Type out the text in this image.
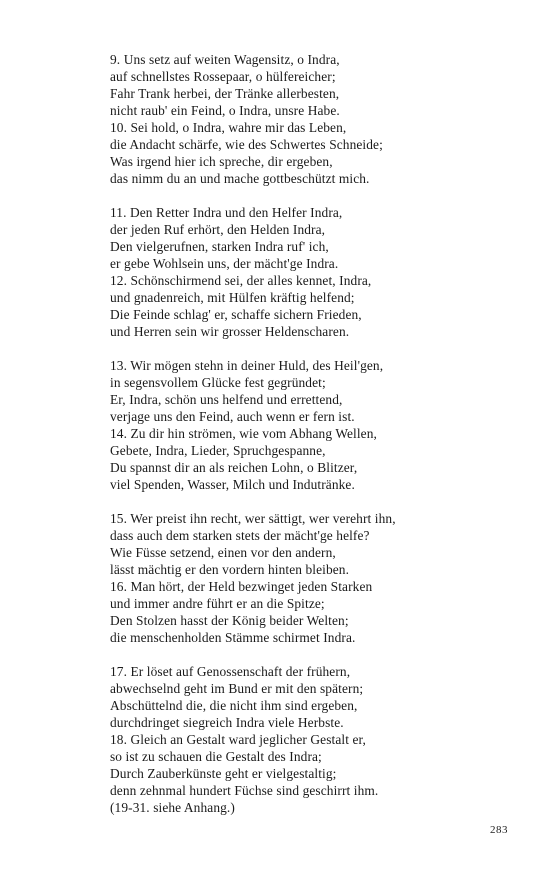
9. Uns setz auf weiten Wagensitz, o Indra,
auf schnellstes Rossepaar, o hülfereicher;
Fahr Trank herbei, der Tränke allerbesten,
nicht raub' ein Feind, o Indra, unsre Habe.
10. Sei hold, o Indra, wahre mir das Leben,
die Andacht schärfe, wie des Schwertes Schneide;
Was irgend hier ich spreche, dir ergeben,
das nimm du an und mache gottbeschützt mich.
11. Den Retter Indra und den Helfer Indra,
der jeden Ruf erhört, den Helden Indra,
Den vielgerufnen, starken Indra ruf' ich,
er gebe Wohlsein uns, der mächt'ge Indra.
12. Schönschirmend sei, der alles kennet, Indra,
und gnadenreich, mit Hülfen kräftig helfend;
Die Feinde schlag' er, schaffe sichern Frieden,
und Herren sein wir grosser Heldenscharen.
13. Wir mögen stehn in deiner Huld, des Heil'gen,
in segensvollem Glücke fest gegründet;
Er, Indra, schön uns helfend und errettend,
verjage uns den Feind, auch wenn er fern ist.
14. Zu dir hin strömen, wie vom Abhang Wellen,
Gebete, Indra, Lieder, Spruchgespanne,
Du spannst dir an als reichen Lohn, o Blitzer,
viel Spenden, Wasser, Milch und Indutränke.
15. Wer preist ihn recht, wer sättigt, wer verehrt ihn,
dass auch dem starken stets der mächt'ge helfe?
Wie Füsse setzend, einen vor den andern,
lässt mächtig er den vordern hinten bleiben.
16. Man hört, der Held bezwinget jeden Starken
und immer andre führt er an die Spitze;
Den Stolzen hasst der König beider Welten;
die menschenholden Stämme schirmet Indra.
17. Er löset auf Genossenschaft der frühern,
abwechselnd geht im Bund er mit den spätern;
Abschüttelnd die, die nicht ihm sind ergeben,
durchdringet siegreich Indra viele Herbste.
18. Gleich an Gestalt ward jeglicher Gestalt er,
so ist zu schauen die Gestalt des Indra;
Durch Zauberkünste geht er vielgestaltig;
denn zehnmal hundert Füchse sind geschirrt ihm.
(19-31. siehe Anhang.)
283
